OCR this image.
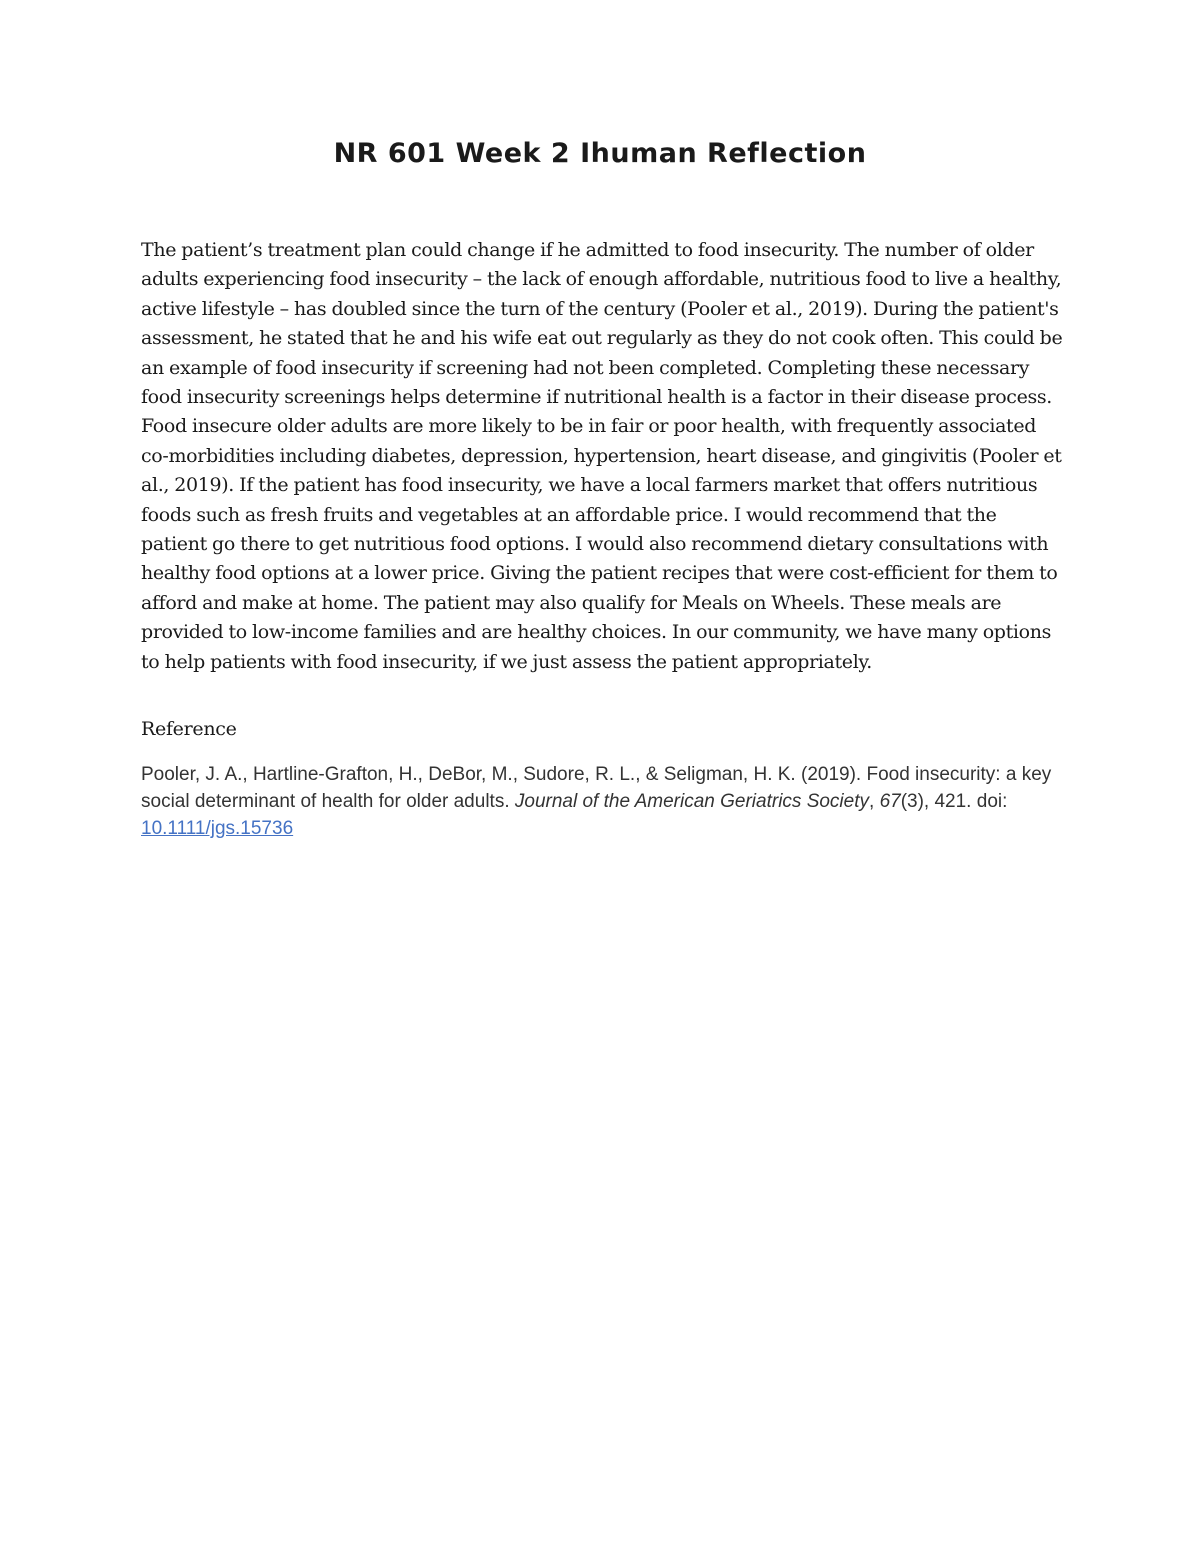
NR 601 Week 2 Ihuman Reflection

The patient’s treatment plan could change if he admitted to food insecurity. The number of older adults experiencing food insecurity – the lack of enough affordable, nutritious food to live a healthy, active lifestyle – has doubled since the turn of the century (Pooler et al., 2019). During the patient's assessment, he stated that he and his wife eat out regularly as they do not cook often. This could be an example of food insecurity if screening had not been completed. Completing these necessary food insecurity screenings helps determine if nutritional health is a factor in their disease process. Food insecure older adults are more likely to be in fair or poor health, with frequently associated co-morbidities including diabetes, depression, hypertension, heart disease, and gingivitis (Pooler et al., 2019). If the patient has food insecurity, we have a local farmers market that offers nutritious foods such as fresh fruits and vegetables at an affordable price. I would recommend that the patient go there to get nutritious food options. I would also recommend dietary consultations with healthy food options at a lower price. Giving the patient recipes that were cost-efficient for them to afford and make at home. The patient may also qualify for Meals on Wheels. These meals are provided to low-income families and are healthy choices. In our community, we have many options to help patients with food insecurity, if we just assess the patient appropriately.

Reference

Pooler, J. A., Hartline-Grafton, H., DeBor, M., Sudore, R. L., & Seligman, H. K. (2019). Food insecurity: a key social determinant of health for older adults. Journal of the American Geriatrics Society, 67(3), 421. doi: 10.1111/jgs.15736
